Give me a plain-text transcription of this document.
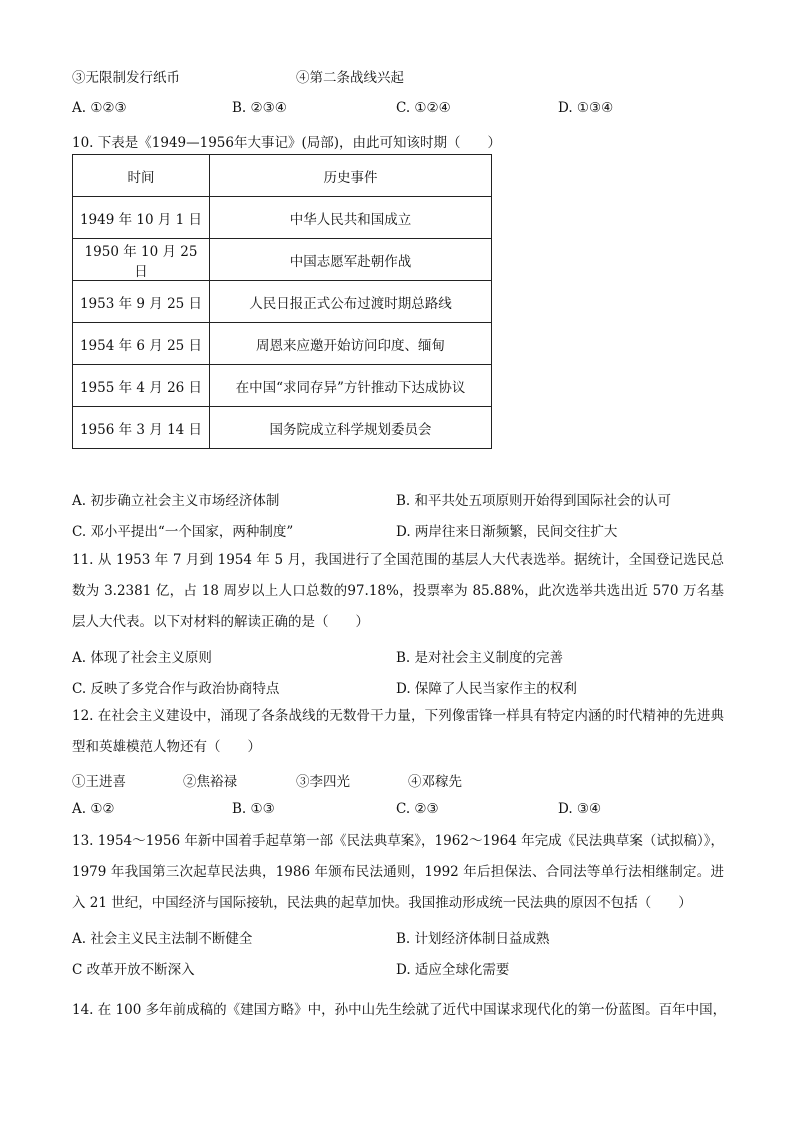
③无限制发行纸币	④第二条战线兴起
A. ①②③	B. ②③④	C. ①②④	D. ①③④
10. 下表是《1949—1956年大事记》(局部)，由此可知该时期（　　）
时间	历史事件
1949 年 10 月 1 日	中华人民共和国成立
1950 年 10 月 25 日	中国志愿军赴朝作战
1953 年 9 月 25 日	人民日报正式公布过渡时期总路线
1954 年 6 月 25 日	周恩来应邀开始访问印度、缅甸
1955 年 4 月 26 日	在中国“求同存异”方针推动下达成协议
1956 年 3 月 14 日	国务院成立科学规划委员会
A. 初步确立社会主义市场经济体制	B. 和平共处五项原则开始得到国际社会的认可
C. 邓小平提出“一个国家，两种制度”	D. 两岸往来日渐频繁，民间交往扩大
11. 从 1953 年 7 月到 1954 年 5 月，我国进行了全国范围的基层人大代表选举。据统计，全国登记选民总数为 3.2381 亿，占 18 周岁以上人口总数的97.18%，投票率为 85.88%，此次选举共选出近 570 万名基层人大代表。以下对材料的解读正确的是（　　）
A. 体现了社会主义原则	B. 是对社会主义制度的完善
C. 反映了多党合作与政治协商特点	D. 保障了人民当家作主的权利
12. 在社会主义建设中，涌现了各条战线的无数骨干力量，下列像雷锋一样具有特定内涵的时代精神的先进典型和英雄模范人物还有（　　）
①王进喜	②焦裕禄	③李四光	④邓稼先
A. ①②	B. ①③	C. ②③	D. ③④
13. 1954～1956 年新中国着手起草第一部《民法典草案》，1962～1964 年完成《民法典草案（试拟稿）》，1979 年我国第三次起草民法典，1986 年颁布民法通则，1992 年后担保法、合同法等单行法相继制定。进入 21 世纪，中国经济与国际接轨，民法典的起草加快。我国推动形成统一民法典的原因不包括（　　）
A. 社会主义民主法制不断健全	B. 计划经济体制日益成熟
C 改革开放不断深入	D. 适应全球化需要
14. 在 100 多年前成稿的《建国方略》中，孙中山先生绘就了近代中国谋求现代化的第一份蓝图。百年中国，
